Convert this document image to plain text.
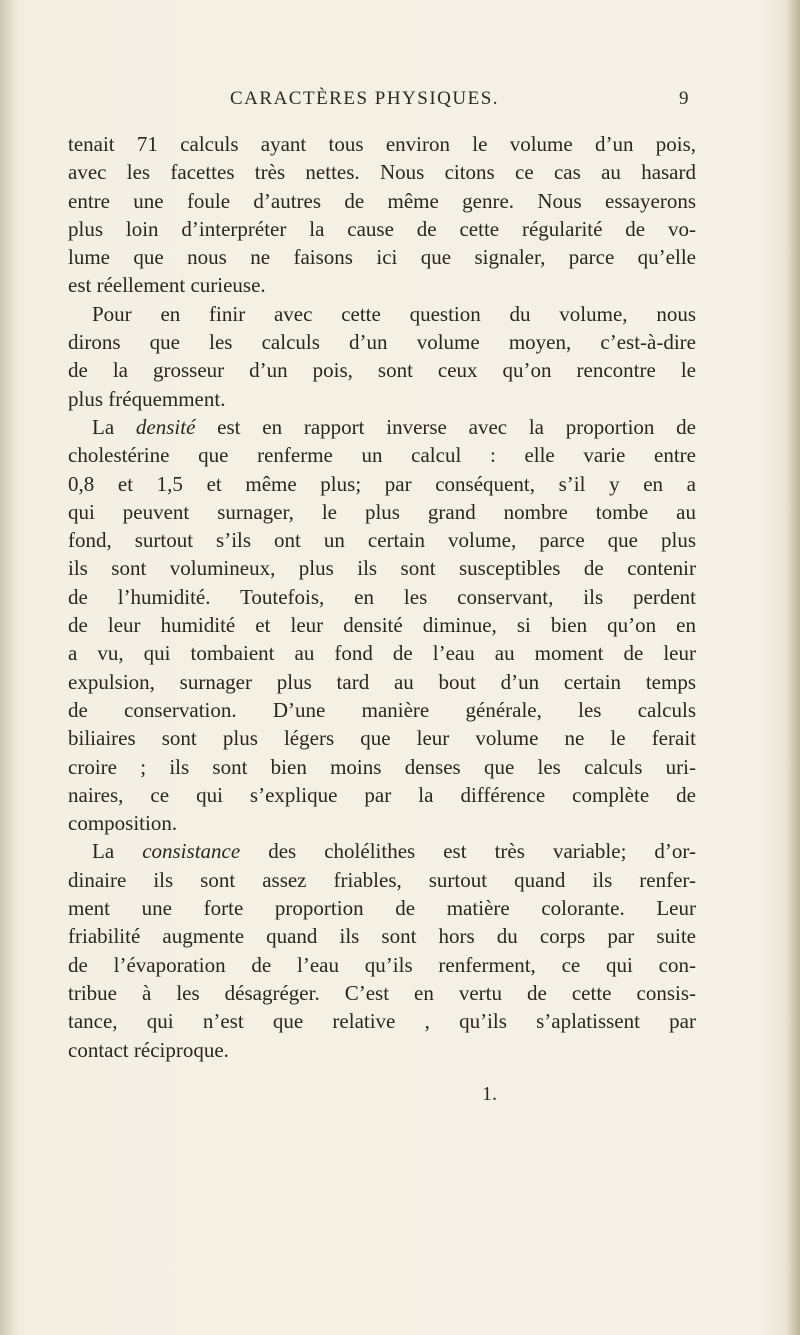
CARACTÈRES PHYSIQUES.	9
tenait 71 calculs ayant tous environ le volume d’un pois,
avec les facettes très nettes. Nous citons ce cas au hasard
entre une foule d’autres de même genre. Nous essayerons
plus loin d’interpréter la cause de cette régularité de vo-
lume que nous ne faisons ici que signaler, parce qu’elle
est réellement curieuse.
Pour en finir avec cette question du volume, nous
dirons que les calculs d’un volume moyen, c’est-à-dire
de la grosseur d’un pois, sont ceux qu’on rencontre le
plus fréquemment.
La densité est en rapport inverse avec la proportion de
cholestérine que renferme un calcul : elle varie entre
0,8 et 1,5 et même plus; par conséquent, s’il y en a
qui peuvent surnager, le plus grand nombre tombe au
fond, surtout s’ils ont un certain volume, parce que plus
ils sont volumineux, plus ils sont susceptibles de contenir
de l’humidité. Toutefois, en les conservant, ils perdent
de leur humidité et leur densité diminue, si bien qu’on en
a vu, qui tombaient au fond de l’eau au moment de leur
expulsion, surnager plus tard au bout d’un certain temps
de conservation. D’une manière générale, les calculs
biliaires sont plus légers que leur volume ne le ferait
croire ; ils sont bien moins denses que les calculs uri-
naires, ce qui s’explique par la différence complète de
composition.
La consistance des cholélithes est très variable; d’or-
dinaire ils sont assez friables, surtout quand ils renfer-
ment une forte proportion de matière colorante. Leur
friabilité augmente quand ils sont hors du corps par suite
de l’évaporation de l’eau qu’ils renferment, ce qui con-
tribue à les désagréger. C’est en vertu de cette consis-
tance, qui n’est que relative , qu’ils s’aplatissent par
contact réciproque.
1.
